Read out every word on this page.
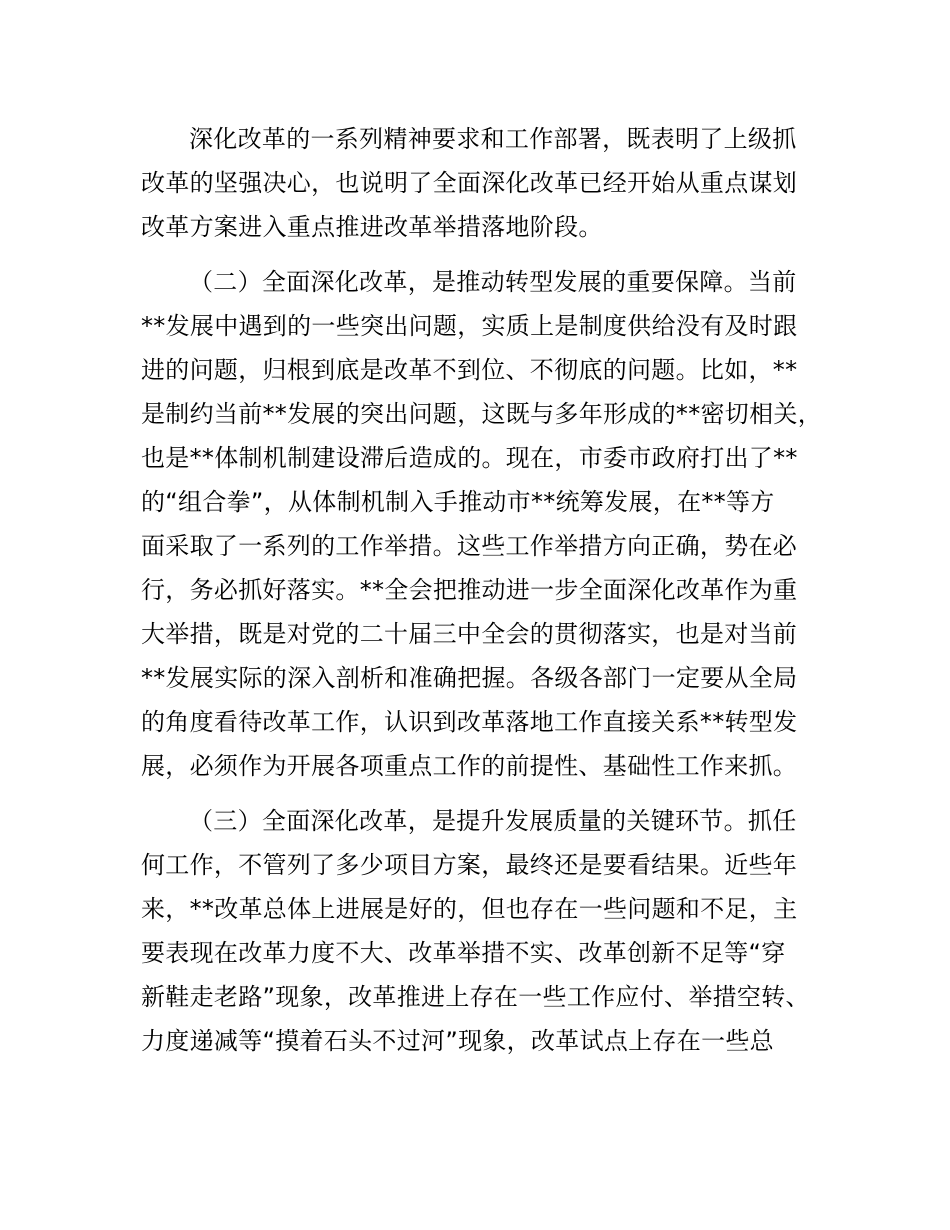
深化改革的一系列精神要求和工作部署，既表明了上级抓
改革的坚强决心，也说明了全面深化改革已经开始从重点谋划
改革方案进入重点推进改革举措落地阶段。
（二）全面深化改革，是推动转型发展的重要保障。当前
**发展中遇到的一些突出问题，实质上是制度供给没有及时跟
进的问题，归根到底是改革不到位、不彻底的问题。比如，**
是制约当前**发展的突出问题，这既与多年形成的**密切相关，
也是**体制机制建设滞后造成的。现在，市委市政府打出了**
的“组合拳”，从体制机制入手推动市**统筹发展，在**等方
面采取了一系列的工作举措。这些工作举措方向正确，势在必
行，务必抓好落实。**全会把推动进一步全面深化改革作为重
大举措，既是对党的二十届三中全会的贯彻落实，也是对当前
**发展实际的深入剖析和准确把握。各级各部门一定要从全局
的角度看待改革工作，认识到改革落地工作直接关系**转型发
展，必须作为开展各项重点工作的前提性、基础性工作来抓。
（三）全面深化改革，是提升发展质量的关键环节。抓任
何工作，不管列了多少项目方案，最终还是要看结果。近些年
来，**改革总体上进展是好的，但也存在一些问题和不足，主
要表现在改革力度不大、改革举措不实、改革创新不足等“穿
新鞋走老路”现象，改革推进上存在一些工作应付、举措空转、
力度递减等“摸着石头不过河”现象，改革试点上存在一些总
